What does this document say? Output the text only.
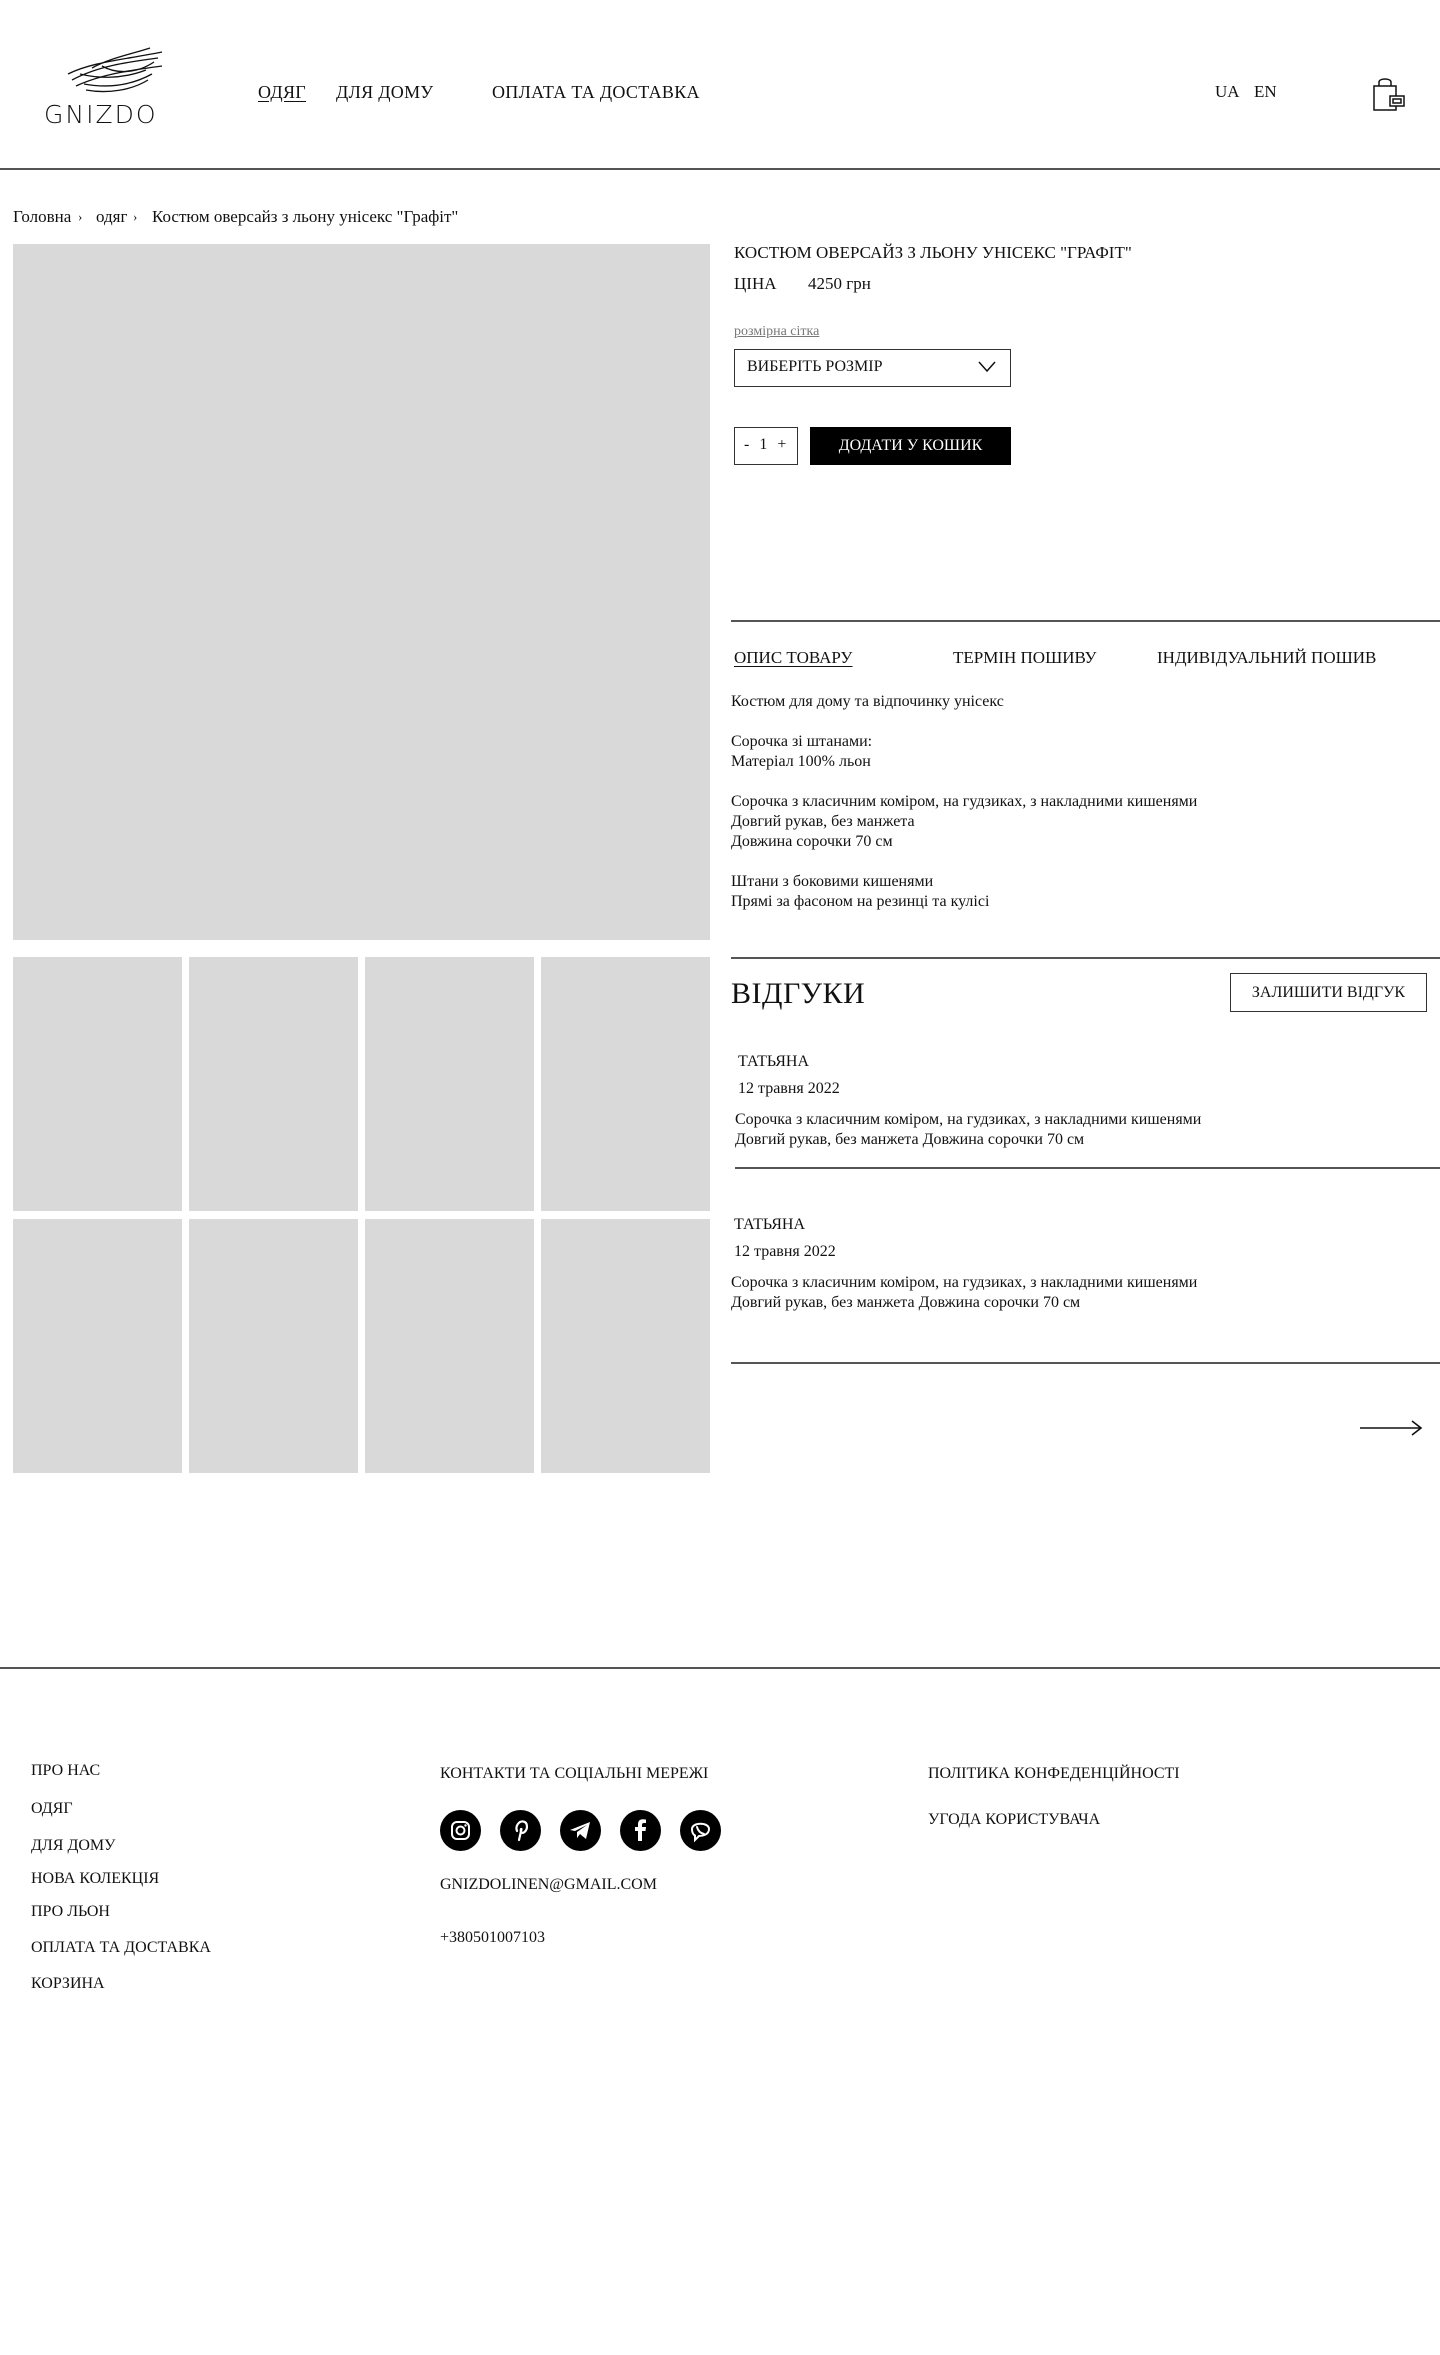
GNIZDO
ОДЯГ ДЛЯ ДОМУ	ОПЛАТА ТА ДОСТАВКА	UA EN
Головна › одяг › Костюм оверсайз з льону унісекс "Графіт"
КОСТЮМ ОВЕРСАЙЗ З ЛЬОНУ УНІСЕКС "ГРАФІТ"
ЦІНА 4250 грн
розмірна сітка
ВИБЕРІТЬ РОЗМІР
- 1 +	ДОДАТИ У КОШИК
ОПИС ТОВАРУ	ТЕРМІН ПОШИВУ	ІНДИВІДУАЛЬНИЙ ПОШИВ
Костюм для дому та відпочинку унісекс
Сорочка зі штанами:
Матеріал 100% льон
Сорочка з класичним коміром, на гудзиках, з накладними кишенями
Довгий рукав, без манжета
Довжина сорочки 70 см
Штани з боковими кишенями
Прямі за фасоном на резинці та кулісі
ВІДГУКИ	ЗАЛИШИТИ ВІДГУК
ТАТЬЯНА
12 травня 2022
Сорочка з класичним коміром, на гудзиках, з накладними кишенями
Довгий рукав, без манжета Довжина сорочки 70 см
ТАТЬЯНА
12 травня 2022
Сорочка з класичним коміром, на гудзиках, з накладними кишенями
Довгий рукав, без манжета Довжина сорочки 70 см
ПРО НАС
ОДЯГ
ДЛЯ ДОМУ
НОВА КОЛЕКЦІЯ
ПРО ЛЬОН
ОПЛАТА ТА ДОСТАВКА
КОРЗИНА
КОНТАКТИ ТА СОЦІАЛЬНІ МЕРЕЖІ
GNIZDOLINEN@GMAIL.COM
+380501007103
ПОЛІТИКА КОНФЕДЕНЦІЙНОСТІ
УГОДА КОРИСТУВАЧА
